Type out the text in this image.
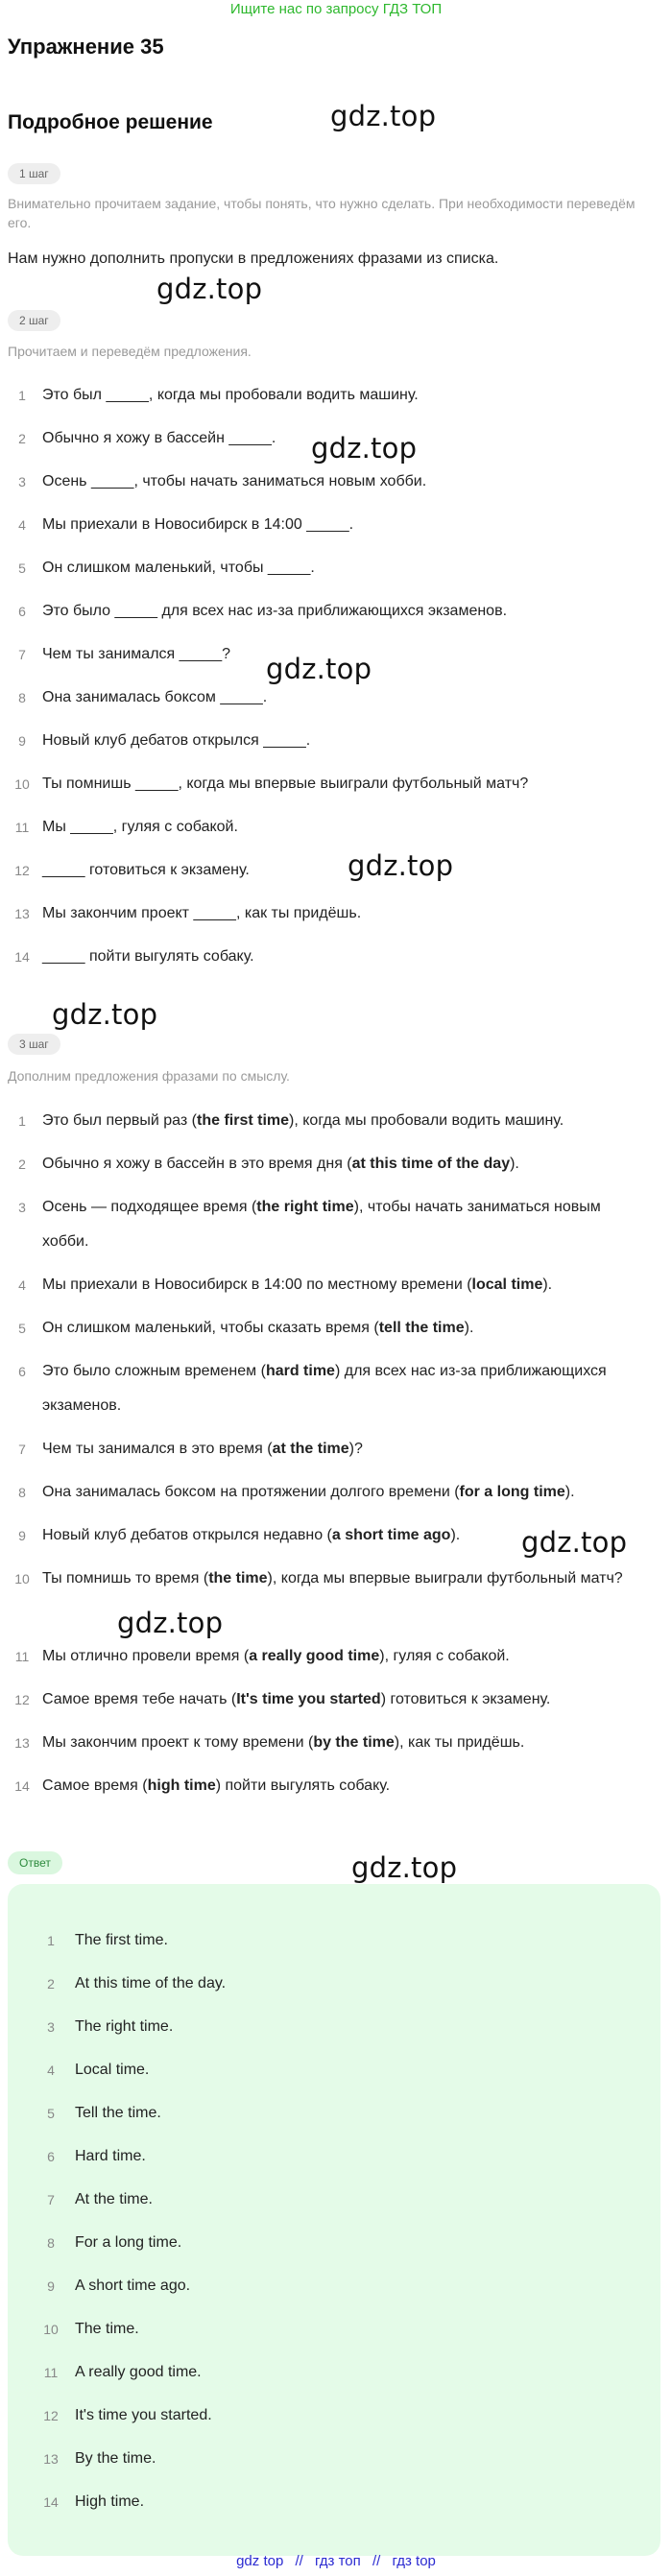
Ищите нас по запросу ГДЗ ТОП
Упражнение 35
Подробное решение	gdz.top
gdz.top
gdz.top
gdz.top
gdz.top
gdz.top
gdz.top
gdz.top
gdz.top
1 шаг
Внимательно прочитаем задание, чтобы понять, что нужно сделать. При необходимости переведём его.
Нам нужно дополнить пропуски в предложениях фразами из списка.
2 шаг
Прочитаем и переведём предложения.
1	Это был _____, когда мы пробовали водить машину.
2	Обычно я хожу в бассейн _____.
3	Осень _____, чтобы начать заниматься новым хобби.
4	Мы приехали в Новосибирск в 14:00 _____.
5	Он слишком маленький, чтобы _____.
6	Это было _____ для всех нас из-за приближающихся экзаменов.
7	Чем ты занимался _____?
8	Она занималась боксом _____.
9	Новый клуб дебатов открылся _____.
10 Ты помнишь _____, когда мы впервые выиграли футбольный матч?
11 Мы _____, гуляя с собакой.
12 _____ готовиться к экзамену.
13 Мы закончим проект _____, как ты придёшь.
14 _____ пойти выгулять собаку.
3 шаг
Дополним предложения фразами по смыслу.
1	Это был первый раз (the first time), когда мы пробовали водить машину.
2	Обычно я хожу в бассейн в это время дня (at this time of the day).
3	Осень — подходящее время (the right time), чтобы начать заниматься новым хобби.
4	Мы приехали в Новосибирск в 14:00 по местному времени (local time).
5	Он слишком маленький, чтобы сказать время (tell the time).
6	Это было сложным временем (hard time) для всех нас из-за приближающихся экзаменов.
7	Чем ты занимался в это время (at the time)?
8	Она занималась боксом на протяжении долгого времени (for a long time).
9	Новый клуб дебатов открылся недавно (a short time ago).
10 Ты помнишь то время (the time), когда мы впервые выиграли футбольный матч?
11 Мы отлично провели время (a really good time), гуляя с собакой.
12 Самое время тебе начать (It's time you started) готовиться к экзамену.
13 Мы закончим проект к тому времени (by the time), как ты придёшь.
14 Самое время (high time) пойти выгулять собаку.
Ответ
1	The first time.
2	At this time of the day.
3	The right time.
4	Local time.
5	Tell the time.
6	Hard time.
7	At the time.
8	For a long time.
9	A short time ago.
10	The time.
11	A really good time.
12	It's time you started.
13	By the time.
14	High time.
gdz top // гдз топ // гдз top
